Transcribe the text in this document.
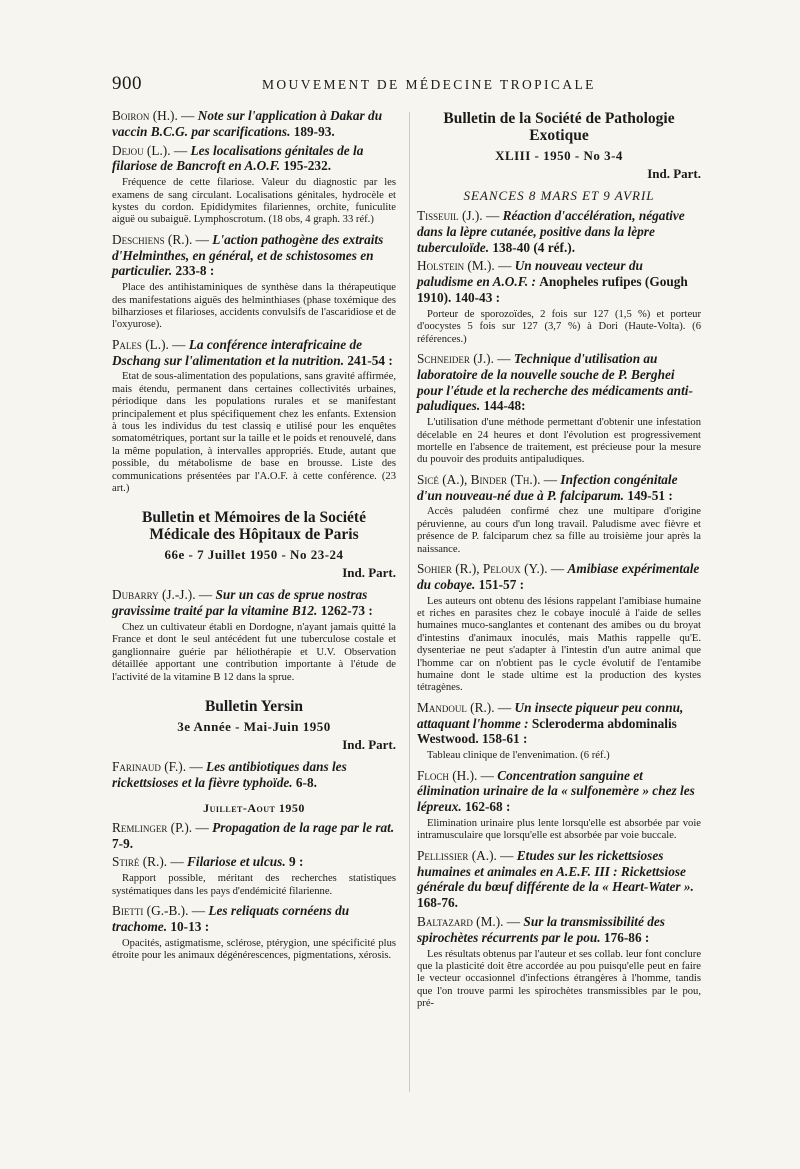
900	MOUVEMENT DE MÉDECINE TROPICALE

Boiron (H.). — Note sur l'application à Dakar du vaccin B.C.G. par scarifications. 189-93.

Dejou (L.). — Les localisations génitales de la filariose de Bancroft en A.O.F. 195-232.

Fréquence de cette filariose. Valeur du diagnostic par les examens de sang circulant. Localisations génitales, hydrocèle et kystes du cordon. Epididymites filariennes, orchite, funiculite aiguë ou subaiguë. Lymphoscrotum. (18 obs, 4 graph. 33 réf.)

Deschiens (R.). — L'action pathogène des extraits d'Helminthes, en général, et de schistosomes en particulier. 233-8 :

Place des antihistaminiques de synthèse dans la thérapeutique des manifestations aiguës des helminthiases (phase toxémique des bilharzioses et filarioses, accidents convulsifs de l'ascaridiose et de l'oxyurose).

Pales (L.). — La conférence interafricaine de Dschang sur l'alimentation et la nutrition. 241-54 :

Etat de sous-alimentation des populations, sans gravité affirmée, mais étendu, permanent dans certaines collectivités urbaines, périodique dans les populations rurales et se manifestant principalement et plus spécifiquement chez les enfants. Extension à tous les individus du test classiq e utilisé pour les enquêtes somatométriques, portant sur la taille et le poids et renouvelé, dans la même population, à intervalles appropriés. Etude, autant que possible, du métabolisme de base en brousse. Liste des communications présentées par l'A.O.F. à cette conférence. (23 art.)

Bulletin et Mémoires de la Société Médicale des Hôpitaux de Paris
66e - 7 Juillet 1950 - No 23-24
Ind. Part.

Dubarry (J.-J.). — Sur un cas de sprue nostras gravissime traité par la vitamine B12. 1262-73 :

Chez un cultivateur établi en Dordogne, n'ayant jamais quitté la France et dont le seul antécédent fut une tuberculose costale et ganglionnaire guérie par héliothérapie et U.V. Observation détaillée apportant une contribution importante à l'étude de l'activité de la vitamine B 12 dans la sprue.

Bulletin Yersin
3e Année - Mai-Juin 1950
Ind. Part.

Farinaud (F.). — Les antibiotiques dans les rickettsioses et la fièvre typhoïde. 6-8.

Juillet-Aout 1950

Remlinger (P.). — Propagation de la rage par le rat. 7-9.

Stiré (R.). — Filariose et ulcus. 9 :

Rapport possible, méritant des recherches statistiques systématiques dans les pays d'endémicité filarienne.

Bietti (G.-B.). — Les reliquats cornéens du trachome. 10-13 :

Opacités, astigmatisme, sclérose, ptérygion, une spécificité plus étroite pour les animaux dégénérescences, pigmentations, xérosis.

Bulletin de la Société de Pathologie Exotique
XLIII - 1950 - No 3-4
Ind. Part.
SEANCES 8 MARS ET 9 AVRIL

Tisseuil (J.). — Réaction d'accélération, négative dans la lèpre cutanée, positive dans la lèpre tuberculoïde. 138-40 (4 réf.).

Holstein (M.). — Un nouveau vecteur du paludisme en A.O.F. : Anopheles rufipes (Gough 1910). 140-43 :

Porteur de sporozoïdes, 2 fois sur 127 (1,5 %) et porteur d'oocystes 5 fois sur 127 (3,7 %) à Dori (Haute-Volta). (6 références.)

Schneider (J.). — Technique d'utilisation au laboratoire de la nouvelle souche de P. Berghei pour l'étude et la recherche des médicaments anti-paludiques. 144-48:

L'utilisation d'une méthode permettant d'obtenir une infestation décelable en 24 heures et dont l'évolution est progressivement mortelle en l'absence de traitement, est précieuse pour la mesure du pouvoir des produits antipaludiques.

Sicé (A.), Binder (Th.). — Infection congénitale d'un nouveau-né due à P. falciparum. 149-51 :

Accès paludéen confirmé chez une multipare d'origine péruvienne, au cours d'un long travail. Paludisme avec fièvre et présence de P. falciparum chez sa fille au troisième jour après la naissance.

Sohier (R.), Peloux (Y.). — Amibiase expérimentale du cobaye. 151-57 :

Les auteurs ont obtenu des lésions rappelant l'amibiase humaine et riches en parasites chez le cobaye inoculé à l'aide de selles humaines muco-sanglantes et contenant des amibes ou du broyat d'intestins d'animaux inoculés, mais Mathis rappelle qu'E. dysenteriae ne peut s'adapter à l'intestin d'un autre animal que l'homme car on n'obtient pas le cycle évolutif de l'entamibe humaine dont le stade ultime est la production des kystes tétragènes.

Mandoul (R.). — Un insecte piqueur peu connu, attaquant l'homme : Sclerodermа abdominalis Westwood. 158-61 :

Tableau clinique de l'envenimation. (6 réf.)

Floch (H.). — Concentration sanguine et élimination urinaire de la « sulfonemère » chez les lépreux. 162-68 :

Elimination urinaire plus lente lorsqu'elle est absorbée par voie intramusculaire que lorsqu'elle est absorbée par voie buccale.

Pellissier (A.). — Etudes sur les rickettsioses humaines et animales en A.E.F. III : Rickettsiose générale du bœuf différente de la « Heart-Water ». 168-76.

Baltazard (M.). — Sur la transmissibilité des spirochètes récurrents par le pou. 176-86 :

Les résultats obtenus par l'auteur et ses collab. leur font conclure que la plasticité doit être accordée au pou puisqu'elle peut en faire le vecteur occasionnel d'infections étrangères à l'homme, tandis que l'on trouve parmi les spirochètes transmissibles par le pou, pré-
